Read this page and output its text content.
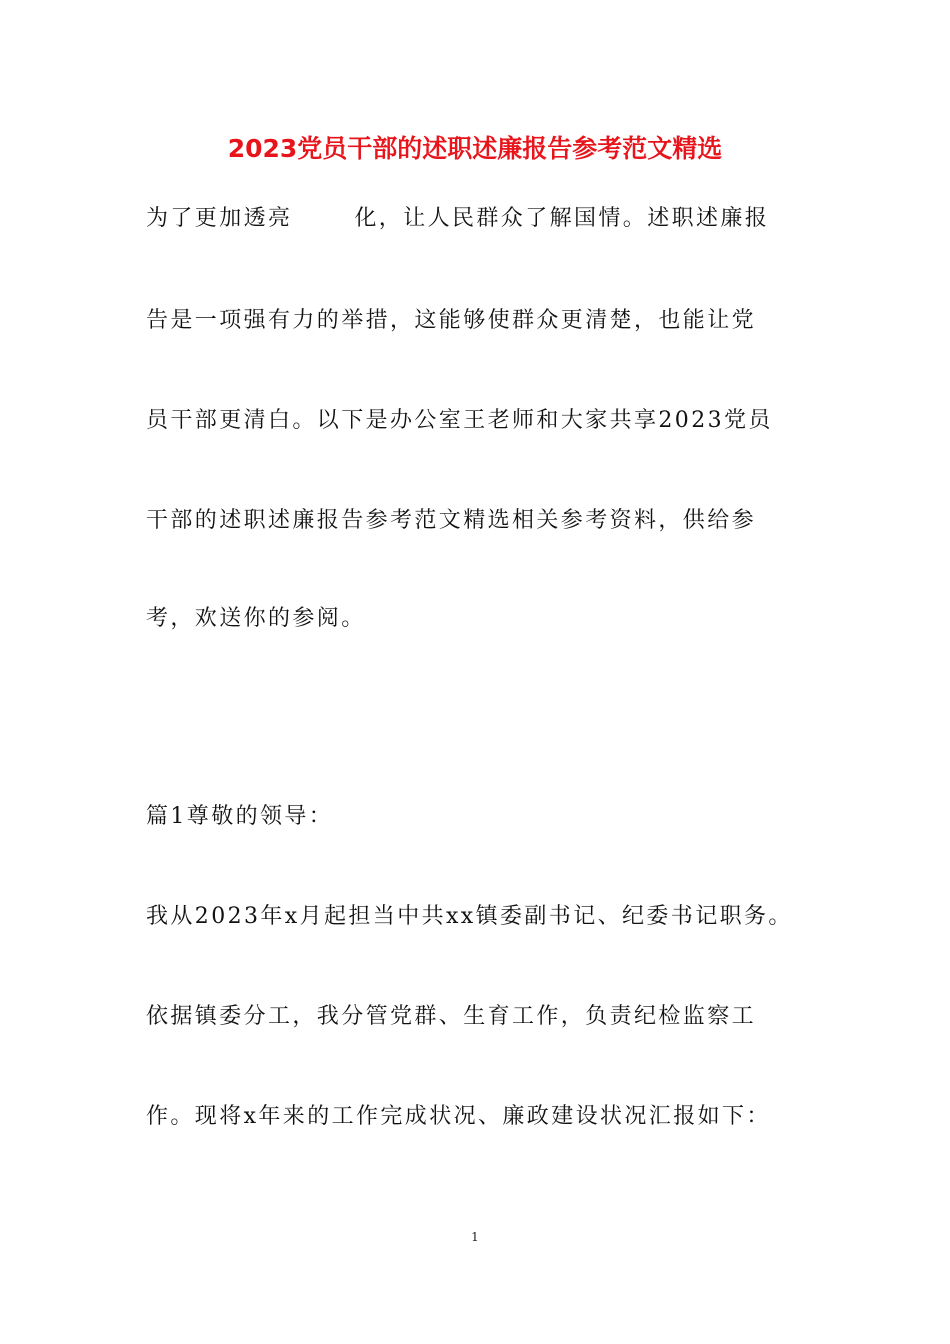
2023党员干部的述职述廉报告参考范文精选
为了更加透亮	化，让人民群众了解国情。述职述廉报
告是一项强有力的举措，这能够使群众更清楚，也能让党
员干部更清白。以下是办公室王老师和大家共享2023党员
干部的述职述廉报告参考范文精选相关参考资料，供给参
考，欢送你的参阅。
篇1尊敬的领导：
我从2023年x月起担当中共xx镇委副书记、纪委书记职务。
依据镇委分工，我分管党群、生育工作，负责纪检监察工
作。现将x年来的工作完成状况、廉政建设状况汇报如下：
1
